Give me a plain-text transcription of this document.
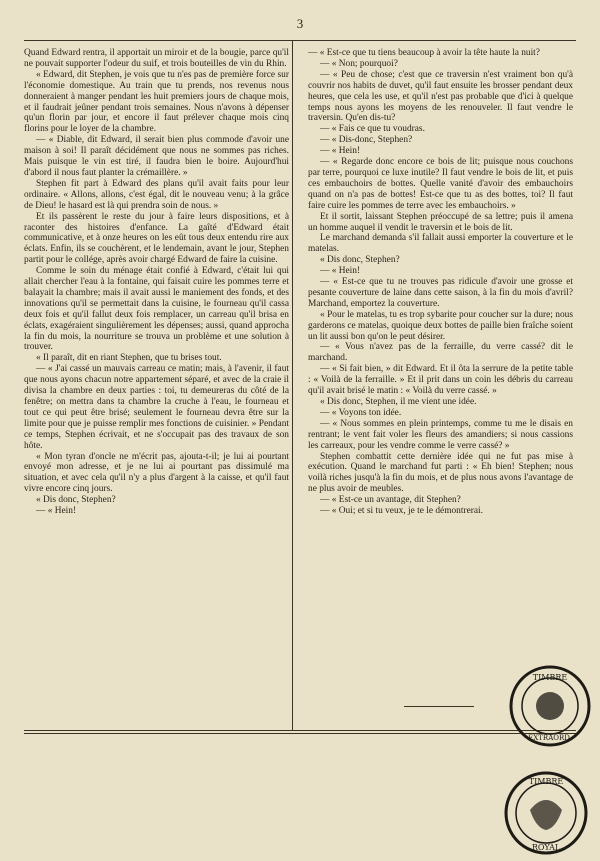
3

Quand Edward rentra, il apportait un miroir et de la bougie, parce qu'il ne pouvait supporter l'odeur du suif, et trois bouteilles de vin du Rhin.

« Edward, dit Stephen, je vois que tu n'es pas de première force sur l'économie domestique. Au train que tu prends, nos revenus nous donneraient à manger pendant les huit premiers jours de chaque mois, et il faudrait jeûner pendant trois semaines. Nous n'avons à dépenser qu'un florin par jour, et encore il faut prélever chaque mois cinq florins pour le loyer de la chambre.

— « Diable, dit Edward, il serait bien plus commode d'avoir une maison à soi! Il paraît décidément que nous ne sommes pas riches. Mais puisque le vin est tiré, il faudra bien le boire. Aujourd'hui d'abord il nous faut planter la crémaillère. »

Stephen fit part à Edward des plans qu'il avait faits pour leur ordinaire. « Allons, allons, c'est égal, dit le nouveau venu; à la grâce de Dieu! le hasard est là qui prendra soin de nous. »

Et ils passèrent le reste du jour à faire leurs dispositions, et à raconter des histoires d'enfance. La gaîté d'Edward était communicative, et à onze heures on les eût tous deux entendu rire aux éclats. Enfin, ils se couchèrent, et le lendemain, avant le jour, Stephen partit pour le collége, après avoir chargé Edward de faire la cuisine.

Comme le soin du ménage était confié à Edward, c'était lui qui allait chercher l'eau à la fontaine, qui faisait cuire les pommes terre et balayait la chambre; mais il avait aussi le maniement des fonds, et des innovations qu'il se permettait dans la cuisine, le fourneau qu'il cassa deux fois et qu'il fallut deux fois remplacer, un carreau qu'il brisa en éclats, exagéraient singulièrement les dépenses; aussi, quand approcha la fin du mois, la nourriture se trouva un problème et une solution à trouver.

« Il paraît, dit en riant Stephen, que tu brises tout.

— « J'ai cassé un mauvais carreau ce matin; mais, à l'avenir, il faut que nous ayons chacun notre appartement séparé, et avec de la craie il divisa la chambre en deux parties : toi, tu demeureras du côté de la fenêtre; on mettra dans ta chambre la cruche à l'eau, le fourneau et tout ce qui peut être brisé; seulement le fourneau devra être sur la limite pour que je puisse remplir mes fonctions de cuisinier. » Pendant ce temps, Stephen écrivait, et ne s'occupait pas des travaux de son hôte.

« Mon tyran d'oncle ne m'écrit pas, ajouta-t-il; je lui ai pourtant envoyé mon adresse, et je ne lui ai pourtant pas dissimulé ma situation, et avec cela qu'il n'y a plus d'argent à la caisse, et qu'il faut vivre encore cinq jours.

« Dis donc, Stephen?

— « Hein!

— « Est-ce que tu tiens beaucoup à avoir la tête haute la nuit?

— « Non; pourquoi?

— « Peu de chose; c'est que ce traversin n'est vraiment bon qu'à couvrir nos habits de duvet, qu'il faut ensuite les brosser pendant deux heures, que cela les use, et qu'il n'est pas probable que d'ici à quelque temps nous ayons les moyens de les renouveler. Il faut vendre le traversin. Qu'en dis-tu?

— « Fais ce que tu voudras.

— « Dis-donc, Stephen?

— « Hein!

— « Regarde donc encore ce bois de lit; puisque nous couchons par terre, pourquoi ce luxe inutile? Il faut vendre le bois de lit, et puis ces embauchoirs de bottes. Quelle vanité d'avoir des embauchoirs quand on n'a pas de bottes! Est-ce que tu as des bottes, toi? Il faut faire cuire les pommes de terre avec les embauchoirs. »

Et il sortit, laissant Stephen préoccupé de sa lettre; puis il amena un homme auquel il vendit le traversin et le bois de lit.

Le marchand demanda s'il fallait aussi emporter la couverture et le matelas.

« Dis donc, Stephen?

— « Hein!

— « Est-ce que tu ne trouves pas ridicule d'avoir une grosse et pesante couverture de laine dans cette saison, à la fin du mois d'avril? Marchand, emportez la couverture.

« Pour le matelas, tu es trop sybarite pour coucher sur la dure; nous garderons ce matelas, quoique deux bottes de paille bien fraîche soient un lit aussi bon qu'on le peut désirer.

— « Vous n'avez pas de la ferraille, du verre cassé? dit le marchand.

— « Si fait bien, » dit Edward. Et il ôta la serrure de la petite table : « Voilà de la ferraille. » Et il prit dans un coin les débris du carreau qu'il avait brisé le matin : « Voilà du verre cassé. »

« Dis donc, Stephen, il me vient une idée.

— « Voyons ton idée.

— « Nous sommes en plein printemps, comme tu me le disais en rentrant; le vent fait voler les fleurs des amandiers; si nous cassions les carreaux, pour les vendre comme le verre cassé? »

Stephen combattit cette dernière idée qui ne fut pas mise à exécution. Quand le marchand fut parti : « Eh bien! Stephen; nous voilà riches jusqu'à la fin du mois, et de plus nous avons l'avantage de ne plus avoir de meubles.

— « Est-ce un avantage, dit Stephen?

— « Oui; et si tu veux, je te le démontrerai.

TIMBRE
EXTRAORD.
TIMBRE
ROYAL
